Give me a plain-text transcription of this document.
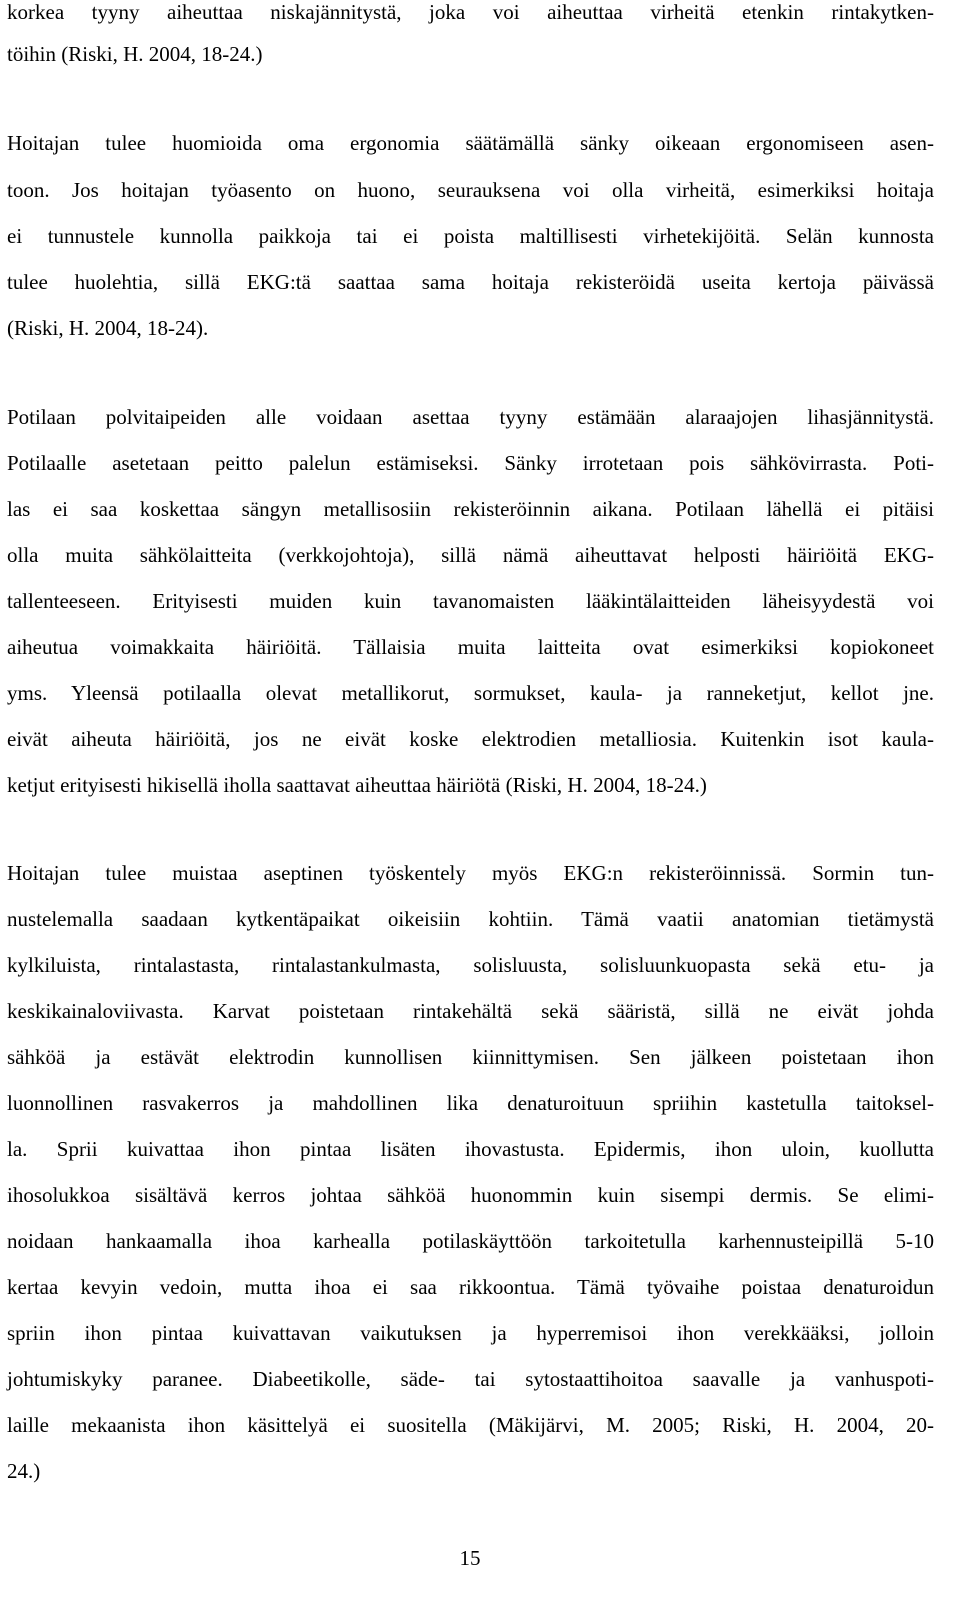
korkea tyyny aiheuttaa niskajännitystä, joka voi aiheuttaa virheitä etenkin rintakytken-
töihin (Riski, H. 2004, 18-24.)
Hoitajan tulee huomioida oma ergonomia säätämällä sänky oikeaan ergonomiseen asen-
toon. Jos hoitajan työasento on huono, seurauksena voi olla virheitä, esimerkiksi hoitaja
ei tunnustele kunnolla paikkoja tai ei poista maltillisesti virhetekijöitä. Selän kunnosta
tulee huolehtia, sillä EKG:tä saattaa sama hoitaja rekisteröidä useita kertoja päivässä
(Riski, H. 2004, 18-24).
Potilaan polvitaipeiden alle voidaan asettaa tyyny estämään alaraajojen lihasjännitystä.
Potilaalle asetetaan peitto palelun estämiseksi. Sänky irrotetaan pois sähkövirrasta. Poti-
las ei saa koskettaa sängyn metallisosiin rekisteröinnin aikana. Potilaan lähellä ei pitäisi
olla muita sähkölaitteita (verkkojohtoja), sillä nämä aiheuttavat helposti häiriöitä EKG-
tallenteeseen. Erityisesti muiden kuin tavanomaisten lääkintälaitteiden läheisyydestä voi
aiheutua voimakkaita häiriöitä. Tällaisia muita laitteita ovat esimerkiksi kopiokoneet
yms. Yleensä potilaalla olevat metallikorut, sormukset, kaula- ja ranneketjut, kellot jne.
eivät aiheuta häiriöitä, jos ne eivät koske elektrodien metalliosia. Kuitenkin isot kaula-
ketjut erityisesti hikisellä iholla saattavat aiheuttaa häiriötä (Riski, H. 2004, 18-24.)
Hoitajan tulee muistaa aseptinen työskentely myös EKG:n rekisteröinnissä. Sormin tun-
nustelemalla saadaan kytkentäpaikat oikeisiin kohtiin. Tämä vaatii anatomian tietämystä
kylkiluista, rintalastasta, rintalastankulmasta, solisluusta, solisluunkuopasta sekä etu- ja
keskikainaloviivasta. Karvat poistetaan rintakehältä sekä sääristä, sillä ne eivät johda
sähköä ja estävät elektrodin kunnollisen kiinnittymisen. Sen jälkeen poistetaan ihon
luonnollinen rasvakerros ja mahdollinen lika denaturoituun spriihin kastetulla taitoksel-
la. Sprii kuivattaa ihon pintaa lisäten ihovastusta. Epidermis, ihon uloin, kuollutta
ihosolukkoa sisältävä kerros johtaa sähköä huonommin kuin sisempi dermis. Se elimi-
noidaan hankaamalla ihoa karhealla potilaskäyttöön tarkoitetulla karhennusteipillä 5-10
kertaa kevyin vedoin, mutta ihoa ei saa rikkoontua. Tämä työvaihe poistaa denaturoidun
spriin ihon pintaa kuivattavan vaikutuksen ja hyperremisoi ihon verekkääksi, jolloin
johtumiskyky paranee. Diabeetikolle, säde- tai sytostaattihoitoa saavalle ja vanhuspoti-
laille mekaanista ihon käsittelyä ei suositella (Mäkijärvi, M. 2005; Riski, H. 2004, 20-
24.)
15
